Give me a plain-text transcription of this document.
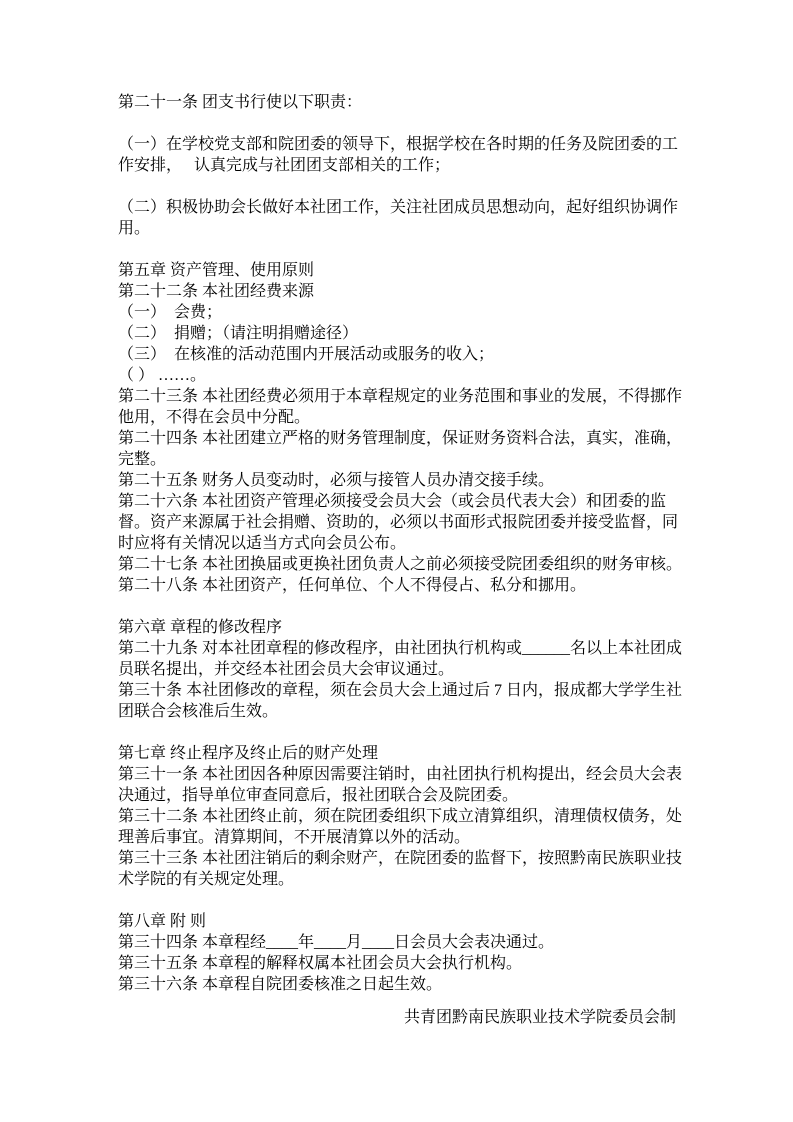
第二十一条 团支书行使以下职责：

（一）在学校党支部和院团委的领导下，根据学校在各时期的任务及院团委的工作安排，　 认真完成与社团团支部相关的工作；

（二）积极协助会长做好本社团工作，关注社团成员思想动向，起好组织协调作用。

第五章 资产管理、使用原则

第二十二条 本社团经费来源

（一）　会费；

（二）　捐赠；（请注明捐赠途径）

（三）　在核准的活动范围内开展活动或服务的收入；

（ ） ……。

第二十三条 本社团经费必须用于本章程规定的业务范围和事业的发展，不得挪作他用，不得在会员中分配。

第二十四条 本社团建立严格的财务管理制度，保证财务资料合法，真实，准确，完整。

第二十五条 财务人员变动时，必须与接管人员办清交接手续。

第二十六条 本社团资产管理必须接受会员大会（或会员代表大会）和团委的监督。资产来源属于社会捐赠、资助的，必须以书面形式报院团委并接受监督，同时应将有关情况以适当方式向会员公布。

第二十七条 本社团换届或更换社团负责人之前必须接受院团委组织的财务审核。

第二十八条 本社团资产，任何单位、个人不得侵占、私分和挪用。

第六章 章程的修改程序

第二十九条 对本社团章程的修改程序，由社团执行机构或______名以上本社团成员联名提出，并交经本社团会员大会审议通过。

第三十条 本社团修改的章程，须在会员大会上通过后 7 日内，报成都大学学生社团联合会核准后生效。

第七章 终止程序及终止后的财产处理

第三十一条 本社团因各种原因需要注销时，由社团执行机构提出，经会员大会表决通过，指导单位审查同意后，报社团联合会及院团委。

第三十二条 本社团终止前，须在院团委组织下成立清算组织，清理债权债务，处理善后事宜。清算期间，不开展清算以外的活动。

第三十三条 本社团注销后的剩余财产，在院团委的监督下，按照黔南民族职业技术学院的有关规定处理。

第八章 附 则

第三十四条 本章程经____年____月____日会员大会表决通过。

第三十五条 本章程的解释权属本社团会员大会执行机构。

第三十六条 本章程自院团委核准之日起生效。

共青团黔南民族职业技术学院委员会制
